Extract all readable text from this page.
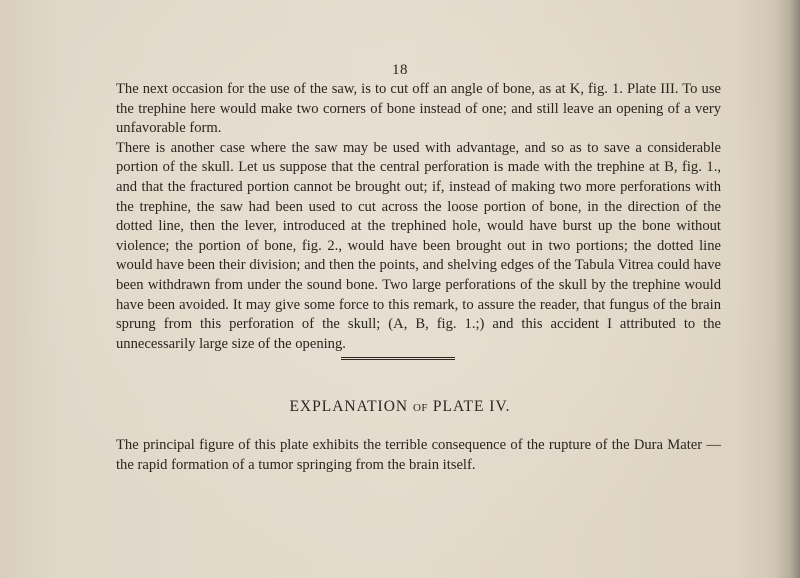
18

The next occasion for the use of the saw, is to cut off an angle of bone, as at K, fig. 1. Plate III. To use the trephine here would make two corners of bone instead of one; and still leave an opening of a very unfavorable form.

There is another case where the saw may be used with advantage, and so as to save a considerable portion of the skull. Let us suppose that the central perforation is made with the trephine at B, fig. 1., and that the fractured portion cannot be brought out; if, instead of making two more perforations with the trephine, the saw had been used to cut across the loose portion of bone, in the direction of the dotted line, then the lever, introduced at the trephined hole, would have burst up the bone without violence; the portion of bone, fig. 2., would have been brought out in two portions; the dotted line would have been their division; and then the points, and shelving edges of the Tabula Vitrea could have been withdrawn from under the sound bone. Two large perforations of the skull by the trephine would have been avoided. It may give some force to this remark, to assure the reader, that fungus of the brain sprung from this perforation of the skull; (A, B, fig. 1.;) and this accident I attributed to the unnecessarily large size of the opening.

EXPLANATION OF PLATE IV.

The principal figure of this plate exhibits the terrible consequence of the rupture of the Dura Mater — the rapid formation of a tumor springing from the brain itself.
